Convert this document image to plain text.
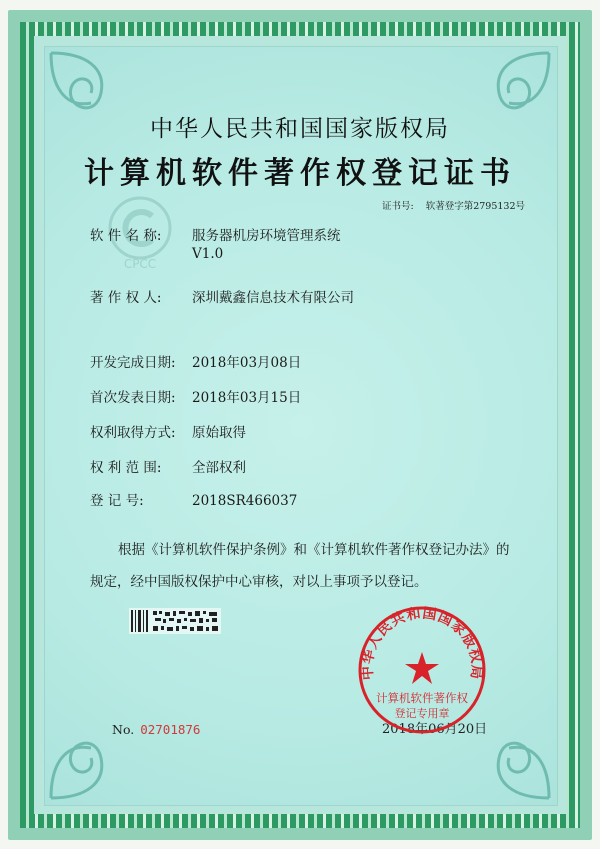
CPCC
中华人民共和国国家版权局
计算机软件著作权登记证书
证书号: 软著登字第2795132号
软 件 名 称: 服务器机房环境管理系统
V1.0
著 作 权 人: 深圳戴鑫信息技术有限公司
开发完成日期: 2018年03月08日
首次发表日期: 2018年03月15日
权利取得方式: 原始取得
权 利 范 围: 全部权利
登 记 号:	2018SR466037
根据《计算机软件保护条例》和《计算机软件著作权登记办法》的
规定，经中国版权保护中心审核，对以上事项予以登记。
No. 02701876	2018年06月20日
中华人民共和国国家版权局
计算机软件著作权
登记专用章
